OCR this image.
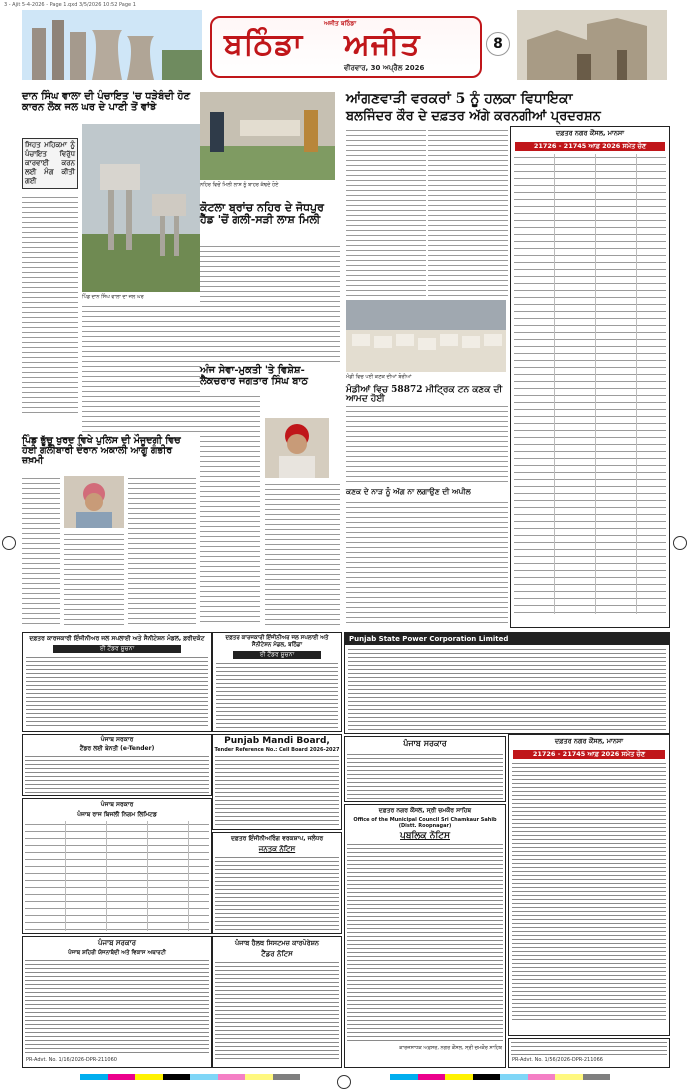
3 - Ajit 5-4-2026 - Page 1.qxd 3/5/2026 10:52 Page 1
ਅਜੀਤ ਬਠਿੰਡਾ
ਬਠਿੰਡਾ ਅਜੀਤ
ਵੀਰਵਾਰ, 30 ਅਪ੍ਰੈਲ 2026
8
ਦਾਨ ਸਿੰਘ ਵਾਲਾ ਦੀ ਪੰਚਾਇਤ 'ਚ ਧੜੇਬੰਦੀ ਹੋਣ ਕਾਰਨ ਲੋਕ ਜਲ ਘਰ ਦੇ ਪਾਣੀ ਤੋਂ ਵਾਂਝੇ
ਸਿਹਤ ਮਹਿਕਮਾ ਨੂੰ ਪੰਚਾਇਤ ਵਿਰੁੱਧ ਕਾਰਵਾਈ ਕਰਨ ਲਈ ਮੰਗ ਕੀਤੀ ਗਈ
ਪਿੰਡ ਦਾਨ ਸਿੰਘ ਵਾਲਾ ਦਾ ਜਲ ਘਰ
ਨਹਿਰ ਵਿਚੋਂ ਮਿਲੀ ਲਾਸ਼ ਨੂੰ ਬਾਹਰ ਕੱਢਦੇ ਹੋਏ
ਕੋਟਲਾ ਬ੍ਰਾਂਚ ਨਹਿਰ ਦੇ ਜੋਧਪੁਰ ਹੈੱਡ 'ਚੋਂ ਗਲੀ-ਸੜੀ ਲਾਸ਼ ਮਿਲੀ
ਅੰਜ ਸੇਵਾ-ਮੁਕਤੀ 'ਤੇ ਵਿਸ਼ੇਸ਼-ਲੈਕਚਰਾਰ ਜਗਤਾਰ ਸਿੰਘ ਬਾਠ
ਪਿੰਡ ਭੁੱਚੂ ਖੁਰਦ ਵਿਖੇ ਪੁਲਿਸ ਦੀ ਮੌਜੂਦਗੀ ਵਿਚ ਹੋਈ ਗੋਲੀਬਾਰੀ ਦੌਰਾਨ ਅਕਾਲੀ ਆਗੂ ਗੰਭੀਰ ਜ਼ਖ਼ਮੀ
ਆਂਗਣਵਾੜੀ ਵਰਕਰਾਂ 5 ਨੂੰ ਹਲਕਾ ਵਿਧਾਇਕਾ
ਬਲਜਿੰਦਰ ਕੌਰ ਦੇ ਦਫ਼ਤਰ ਅੱਗੇ ਕਰਨਗੀਆਂ ਪ੍ਰਦਰਸ਼ਨ
ਮੰਡੀ ਵਿਚ ਪਈ ਕਣਕ ਦੀਆਂ ਬੋਰੀਆਂ
ਮੰਡੀਆਂ ਵਿਚ 58872 ਮੀਟ੍ਰਿਕ ਟਨ ਕਣਕ ਦੀ ਆਮਦ ਹੋਈ
ਕਣਕ ਦੇ ਨਾੜ ਨੂੰ ਅੱਗ ਨਾ ਲਗਾਉਣ ਦੀ ਅਪੀਲ
ਦਫ਼ਤਰ ਨਗਰ ਕੌਂਸਲ, ਮਾਨਸਾ
21726 - 21745 ਆਫ਼ 2026 ਸਮੇਤ ਚੋਣ
ਦਫ਼ਤਰ ਕਾਰਜਕਾਰੀ ਇੰਜੀਨੀਅਰ ਜਲ ਸਪਲਾਈ ਅਤੇ ਸੈਨੀਟੇਸ਼ਨ ਮੰਡਲ, ਫ਼ਰੀਦਕੋਟ
ਈ ਟੈਂਡਰ ਸੂਚਨਾ
ਦਫ਼ਤਰ ਕਾਰਜਕਾਰੀ ਇੰਜੀਨੀਅਰ ਜਲ ਸਪਲਾਈ ਅਤੇ ਸੈਨੀਟੇਸ਼ਨ ਮੰਡਲ, ਬਠਿੰਡਾ
ਈ ਟੈਂਡਰ ਸੂਚਨਾ
Punjab State Power Corporation Limited
ਪੰਜਾਬ ਸਰਕਾਰ
ਟੈਂਡਰ ਲਈ ਬੇਨਤੀ (e-Tender)
Punjab Mandi Board,
Tender Reference No.: Cell Board 2026-2027
ਪੰਜਾਬ ਸਰਕਾਰ	ਦਫ਼ਤਰ ਨਗਰ ਕੌਂਸਲ, ਮਾਨਸਾ
21726 - 21745 ਆਫ਼ 2026 ਸਮੇਤ ਚੋਣ
ਪੰਜਾਬ ਸਰਕਾਰ
ਪੰਜਾਬ ਰਾਜ ਬਿਜਲੀ ਨਿਗਮ ਲਿਮਿਟਡ
ਦਫ਼ਤਰ ਇੰਜੀਨੀਅਰਿੰਗ ਵਰਕਸ਼ਾਪ, ਜਲੰਧਰ
ਜਨਤਕ ਨੋਟਿਸ
ਦਫ਼ਤਰ ਨਗਰ ਕੌਂਸਲ, ਸ੍ਰੀ ਚਮਕੌਰ ਸਾਹਿਬ
Office of the Municipal Council Sri Chamkaur Sahib (Distt. Roopnagar)
ਪਬਲਿਕ ਨੋਟਿਸ
ਕਾਰਜਸਾਧਕ ਅਫ਼ਸਰ, ਨਗਰ ਕੌਂਸਲ, ਸ੍ਰੀ ਚਮਕੌਰ ਸਾਹਿਬ
ਪੰਜਾਬ ਸਰਕਾਰ
ਪੰਜਾਬ ਸ਼ਹਿਰੀ ਯੋਜਨਾਬੰਦੀ ਅਤੇ ਵਿਕਾਸ ਅਥਾਰਟੀ
PR-Advt. No. 1/16/2026-DPR-211060
ਪੰਜਾਬ ਹੈਲਥ ਸਿਸਟਮਜ਼ ਕਾਰਪੋਰੇਸ਼ਨ
ਟੈਂਡਰ ਨੋਟਿਸ
PR-Advt. No. 1/56/2026-DPR-211066
